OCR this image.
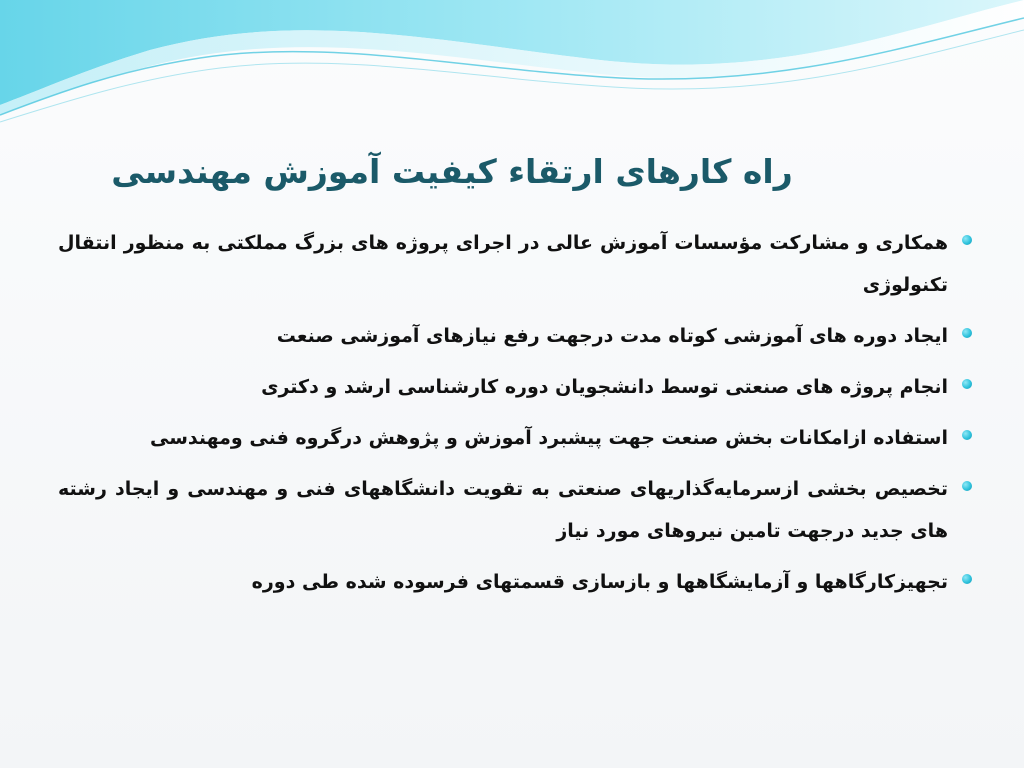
راه کارهای ارتقاء کیفیت آموزش مهندسی
همکاری و مشارکت مؤسسات آموزش عالی در اجرای پروژه های بزرگ مملکتی به منظور انتقال تکنولوژی
ایجاد دوره های آموزشی کوتاه مدت درجهت رفع نیازهای آموزشی صنعت
انجام پروژه های صنعتی توسط دانشجویان دوره کارشناسی ارشد و دکتری
استفاده ازامکانات بخش صنعت جهت پیشبرد آموزش و پژوهش درگروه فنی ومهندسی
تخصیص بخشی ازسرمایه‌گذاریهای صنعتی به تقویت دانشگاههای فنی و مهندسی و ایجاد رشته های جدید درجهت تامین نیروهای مورد نیاز
تجهیزکارگاهها و آزمایشگاهها و بازسازی قسمتهای فرسوده شده طی دوره
